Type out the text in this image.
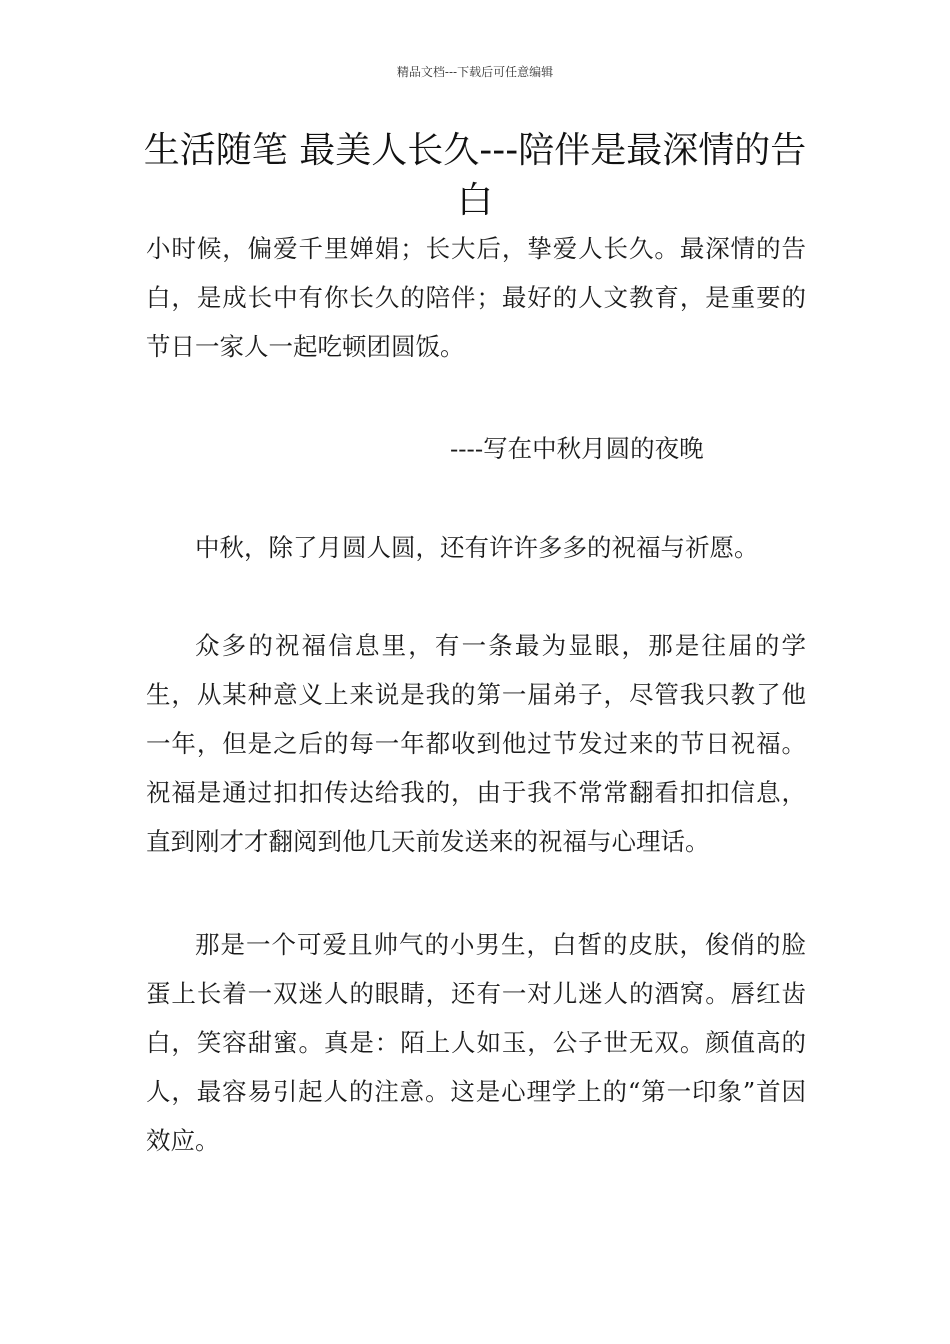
精品文档---下载后可任意编辑
生活随笔 最美人长久---陪伴是最深情的告白

小时候，偏爱千里婵娟；长大后，挚爱人长久。最深情的告白，是成长中有你长久的陪伴；最好的人文教育，是重要的节日一家人一起吃顿团圆饭。

----写在中秋月圆的夜晚

中秋，除了月圆人圆，还有许许多多的祝福与祈愿。

众多的祝福信息里，有一条最为显眼，那是往届的学生，从某种意义上来说是我的第一届弟子，尽管我只教了他一年，但是之后的每一年都收到他过节发过来的节日祝福。祝福是通过扣扣传达给我的，由于我不常常翻看扣扣信息，直到刚才才翻阅到他几天前发送来的祝福与心理话。

那是一个可爱且帅气的小男生，白皙的皮肤，俊俏的脸蛋上长着一双迷人的眼睛，还有一对儿迷人的酒窝。唇红齿白，笑容甜蜜。真是：陌上人如玉，公子世无双。颜值高的人，最容易引起人的注意。这是心理学上的“第一印象”首因效应。
